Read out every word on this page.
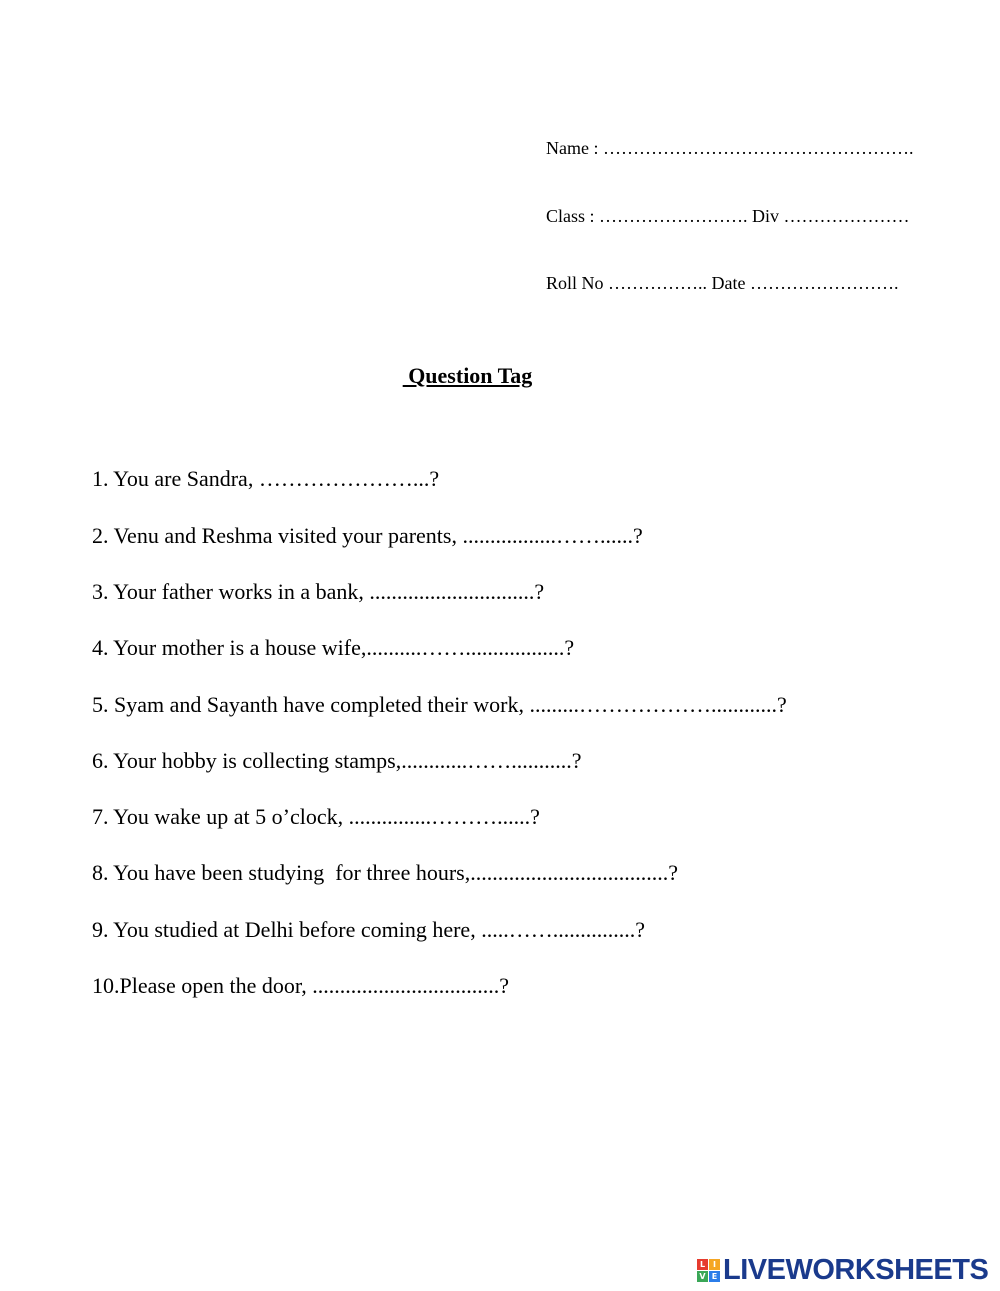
Name : …………………………………………….
Class : ……………………. Div …………………
Roll No …………….. Date …………………….
Question Tag
1. You are Sandra, …………………...?
2. Venu and Reshma visited your parents, .................……......?
3. Your father works in a bank, ..............................?
4. Your mother is a house wife,..........……..................?
5. Syam and Sayanth have completed their work, .........………………............?
6. Your hobby is collecting stamps,............……...........?
7. You wake up at 5 o’clock, ...............………......?
8. You have been studying  for three hours,....................................?
9. You studied at Delhi before coming here, .....……...............?
10.Please open the door, ..................................?
L I
V E LIVEWORKSHEETS
